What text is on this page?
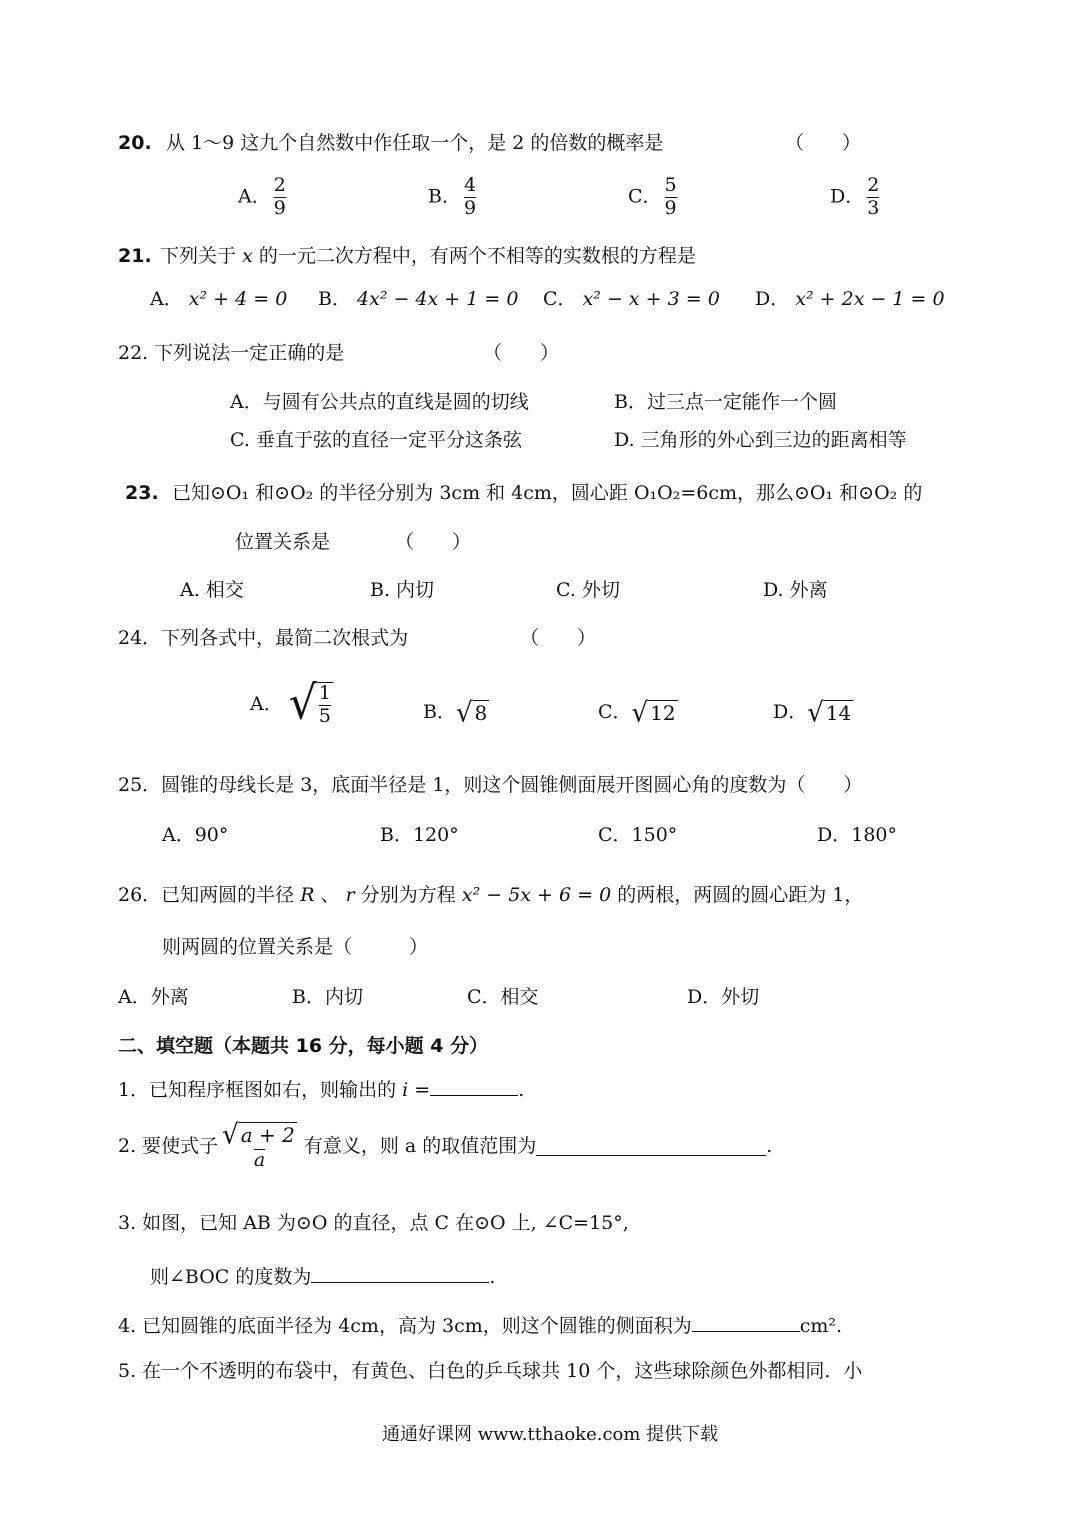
20. 从 1～9 这九个自然数中作任取一个，是 2 的倍数的概率是	（　　）
A． $\frac{2}{9}$	B． $\frac{4}{9}$	C． $\frac{5}{9}$	D． $\frac{2}{3}$
21. 下列关于 x 的一元二次方程中，有两个不相等的实数根的方程是
A． x² + 4 = 0 B． 4x² − 4x + 1 = 0 C． x² − x + 3 = 0 D． x² + 2x − 1 = 0
22. 下列说法一定正确的是	（　　）
A．与圆有公共点的直线是圆的切线	B．过三点一定能作一个圆
C. 垂直于弦的直径一定平分这条弦	D. 三角形的外心到三边的距离相等
23. 已知⊙O₁ 和⊙O₂ 的半径分别为 3cm 和 4cm，圆心距 O₁O₂=6cm，那么⊙O₁ 和⊙O₂ 的
位置关系是	（　　）
A. 相交	B. 内切	C. 外切	D. 外离
24．下列各式中，最简二次根式为	（　　）
A． √ $\frac{1}{5}$	B． √ 8	C． √ 12	D． √ 14
25．圆锥的母线长是 3，底面半径是 1，则这个圆锥侧面展开图圆心角的度数为（　　）
A．90°	B．120°	C．150°	D．180°
26．已知两圆的半径 R 、 r 分别为方程 x² − 5x + 6 = 0 的两根，两圆的圆心距为 1，
则两圆的位置关系是（　　　）
A．外离	B．内切	C．相交	D．外切
二、填空题（本题共 16 分，每小题 4 分）
1．已知程序框图如右，则输出的 i =	.
2. 要使式子 $\frac{√ a + 2}{a}$ 有意义，则 a 的取值范围为	.
3. 如图，已知 AB 为⊙O 的直径，点 C 在⊙O 上, ∠C=15°,
则∠BOC 的度数为	.
4. 已知圆锥的底面半径为 4cm，高为 3cm，则这个圆锥的侧面积为	cm².
5. 在一个不透明的布袋中，有黄色、白色的乒乓球共 10 个，这些球除颜色外都相同．小
通通好课网 www.tthaoke.com 提供下载
